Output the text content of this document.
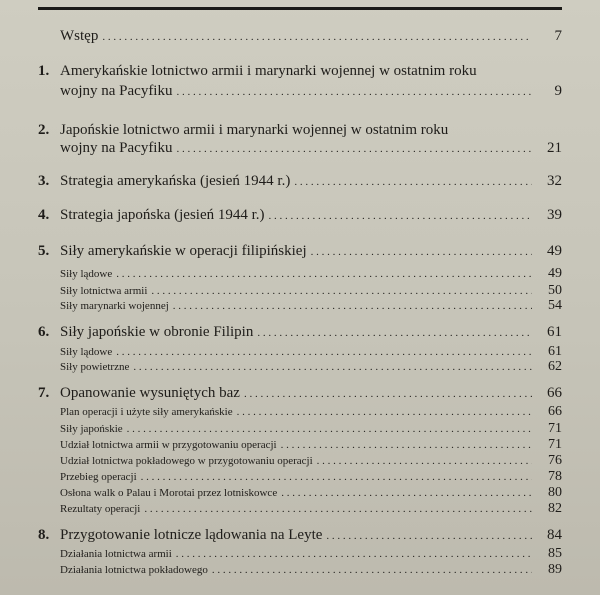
Wstęp . . .	7
1. Amerykańskie lotnictwo armii i marynarki wojennej w ostatnim roku
wojny na Pacyfiku . . .	9
2. Japońskie lotnictwo armii i marynarki wojennej w ostatnim roku
wojny na Pacyfiku . . .	21
3. Strategia amerykańska (jesień 1944 r.) . . .	32
4. Strategia japońska (jesień 1944 r.) . . .	39
5. Siły amerykańskie w operacji filipińskiej . . .	49
Siły lądowe . . .	49
Siły lotnictwa armii . . .	50
Siły marynarki wojennej . . .	54
6. Siły japońskie w obronie Filipin . . .	61
Siły lądowe . . .	61
Siły powietrzne . . .	62
7. Opanowanie wysuniętych baz . . .	66
Plan operacji i użyte siły amerykańskie . . .	66
Siły japońskie . . .	71
Udział lotnictwa armii w przygotowaniu operacji . . .	71
Udział lotnictwa pokładowego w przygotowaniu operacji . . .	76
Przebieg operacji . . .	78
Osłona walk o Palau i Morotai przez lotniskowce . . .	80
Rezultaty operacji . . .	82
8. Przygotowanie lotnicze lądowania na Leyte . . .	84
Działania lotnictwa armii . . .	85
Działania lotnictwa pokładowego . . .	89
